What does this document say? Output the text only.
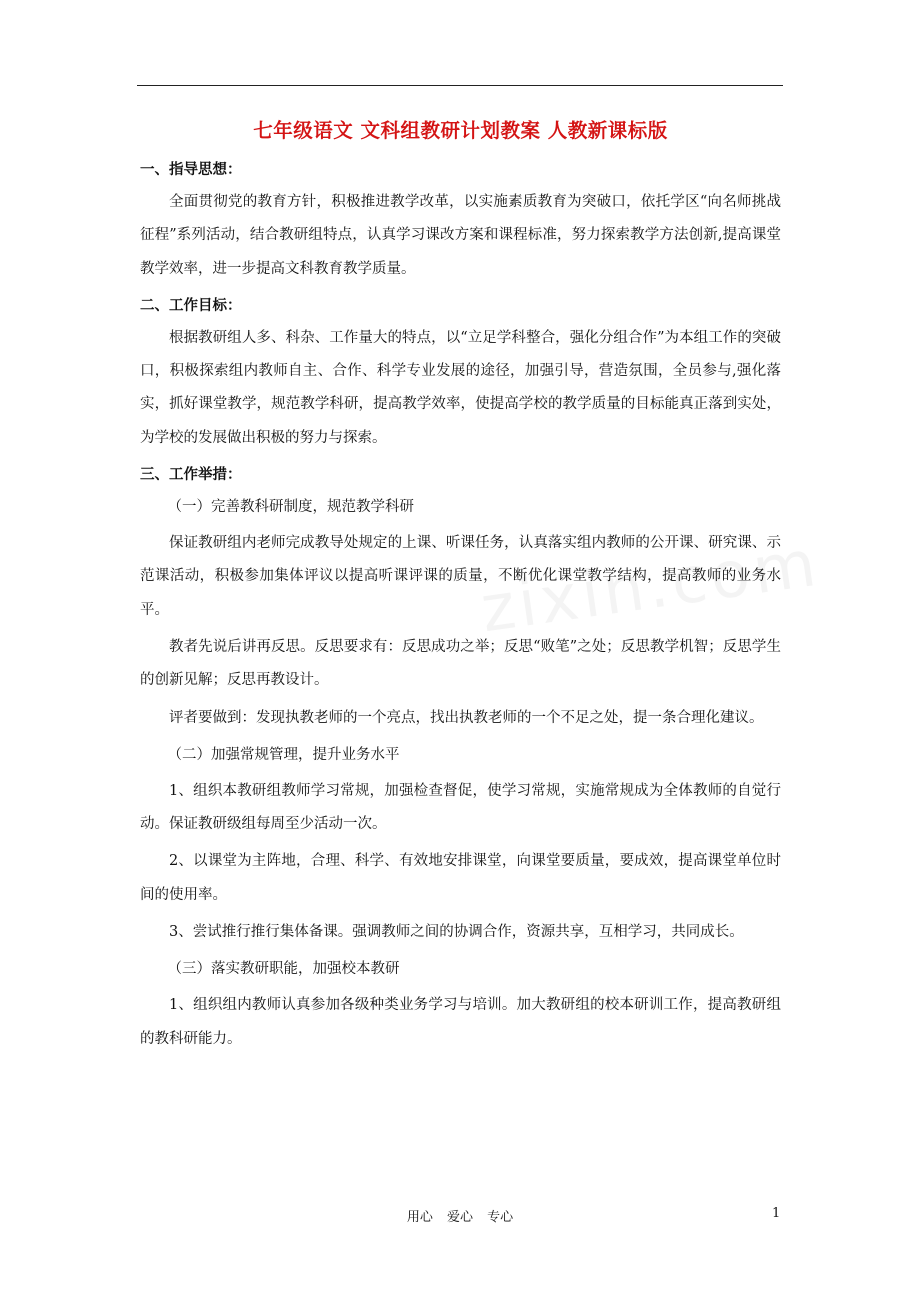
七年级语文 文科组教研计划教案 人教新课标版
一、指导思想：

全面贯彻党的教育方针，积极推进教学改革，以实施素质教育为突破口，依托学区“向名师挑战征程”系列活动，结合教研组特点，认真学习课改方案和课程标准，努力探索教学方法创新,提高课堂教学效率，进一步提高文科教育教学质量。

二、工作目标：

根据教研组人多、科杂、工作量大的特点，以“立足学科整合，强化分组合作”为本组工作的突破口，积极探索组内教师自主、合作、科学专业发展的途径，加强引导，营造氛围，全员参与,强化落实，抓好课堂教学，规范教学科研，提高教学效率，使提高学校的教学质量的目标能真正落到实处，为学校的发展做出积极的努力与探索。

三、工作举措：

（一）完善教科研制度，规范教学科研

保证教研组内老师完成教导处规定的上课、听课任务，认真落实组内教师的公开课、研究课、示范课活动，积极参加集体评议以提高听课评课的质量，不断优化课堂教学结构，提高教师的业务水平。

教者先说后讲再反思。反思要求有：反思成功之举；反思“败笔”之处；反思教学机智；反思学生的创新见解；反思再教设计。

评者要做到：发现执教老师的一个亮点，找出执教老师的一个不足之处，提一条合理化建议。

（二）加强常规管理，提升业务水平

1、组织本教研组教师学习常规，加强检查督促，使学习常规，实施常规成为全体教师的自觉行动。保证教研级组每周至少活动一次。

2、以课堂为主阵地，合理、科学、有效地安排课堂，向课堂要质量，要成效，提高课堂单位时间的使用率。

3、尝试推行推行集体备课。强调教师之间的协调合作，资源共享，互相学习，共同成长。

（三）落实教研职能，加强校本教研

1、组织组内教师认真参加各级种类业务学习与培训。加大教研组的校本研训工作，提高教研组的教科研能力。

用心 爱心 专心	1
